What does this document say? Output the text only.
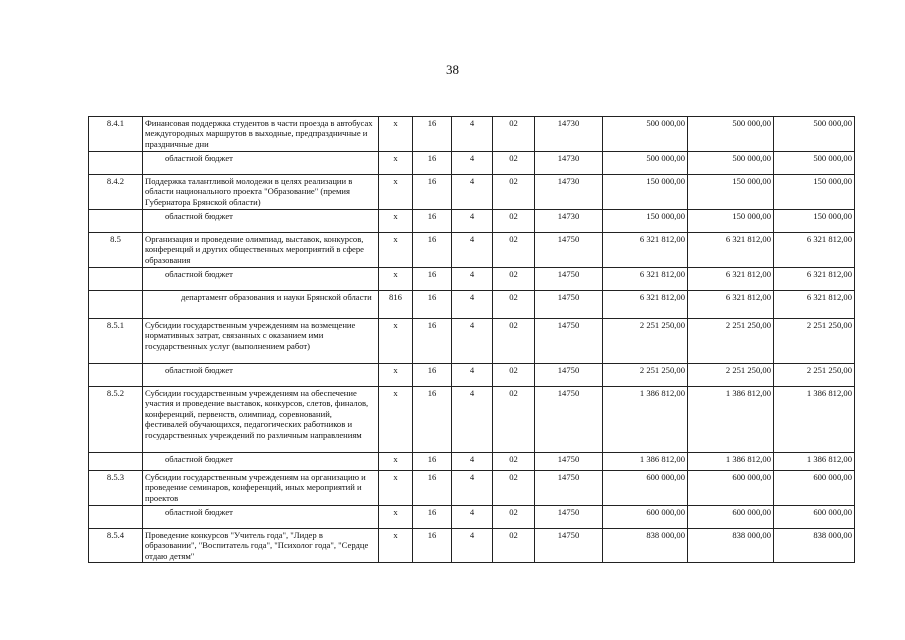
38
8.4.1	Финансовая поддержка студентов в части проезда в автобусах междугородных маршрутов в выходные, предпраздничные и праздничные дни	x	16	4	02	14730	500 000,00	500 000,00	500 000,00
	областной бюджет	x	16	4	02	14730	500 000,00	500 000,00	500 000,00
8.4.2	Поддержка талантливой молодежи в целях реализации в области национального проекта "Образование" (премия Губернатора Брянской области)	x	16	4	02	14730	150 000,00	150 000,00	150 000,00
	областной бюджет	x	16	4	02	14730	150 000,00	150 000,00	150 000,00
8.5	Организация и проведение олимпиад, выставок, конкурсов, конференций и других общественных мероприятий в сфере образования	x	16	4	02	14750	6 321 812,00	6 321 812,00	6 321 812,00
	областной бюджет	x	16	4	02	14750	6 321 812,00	6 321 812,00	6 321 812,00
	департамент образования и науки Брянской области	816	16	4	02	14750	6 321 812,00	6 321 812,00	6 321 812,00
8.5.1	Субсидии государственным учреждениям на возмещение нормативных затрат, связанных с оказанием ими государственных услуг (выполнением работ)	x	16	4	02	14750	2 251 250,00	2 251 250,00	2 251 250,00
	областной бюджет	x	16	4	02	14750	2 251 250,00	2 251 250,00	2 251 250,00
8.5.2	Субсидии государственным учреждениям на обеспечение участия и проведение выставок, конкурсов, слетов, финалов, конференций, первенств, олимпиад, соревнований, фестивалей обучающихся, педагогических работников и государственных учреждений по различным направлениям	x	16	4	02	14750	1 386 812,00	1 386 812,00	1 386 812,00
	областной бюджет	x	16	4	02	14750	1 386 812,00	1 386 812,00	1 386 812,00
8.5.3	Субсидии государственным учреждениям на организацию и проведение семинаров, конференций, иных мероприятий и проектов	x	16	4	02	14750	600 000,00	600 000,00	600 000,00
	областной бюджет	x	16	4	02	14750	600 000,00	600 000,00	600 000,00
8.5.4	Проведение конкурсов "Учитель года", "Лидер в образовании", "Воспитатель года", "Психолог года", "Сердце отдаю детям"	x	16	4	02	14750	838 000,00	838 000,00	838 000,00
